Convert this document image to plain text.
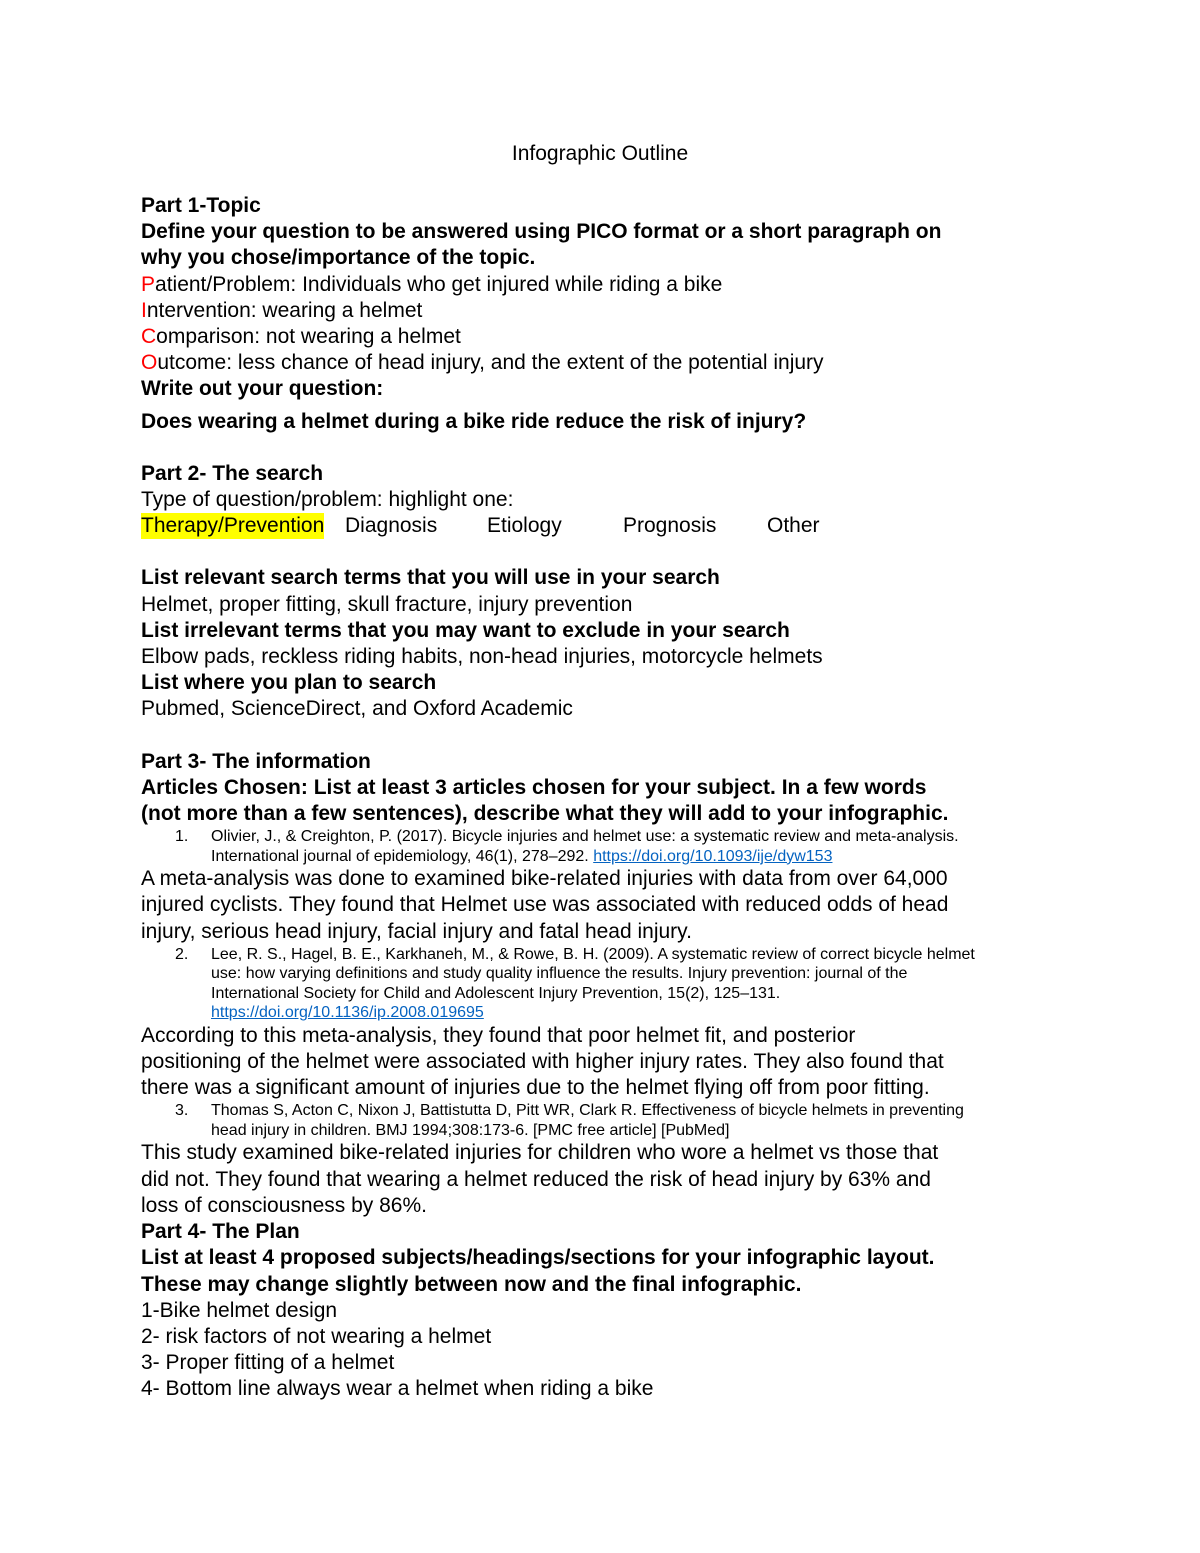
Infographic Outline
Part 1-Topic
Define your question to be answered using PICO format or a short paragraph on
why you chose/importance of the topic.
Patient/Problem: Individuals who get injured while riding a bike
Intervention: wearing a helmet
Comparison: not wearing a helmet
Outcome: less chance of head injury, and the extent of the potential injury
Write out your question:
Does wearing a helmet during a bike ride reduce the risk of injury?
Part 2- The search
Type of question/problem: highlight one:
Therapy/Prevention Diagnosis Etiology	Prognosis Other
List relevant search terms that you will use in your search
Helmet, proper fitting, skull fracture, injury prevention
List irrelevant terms that you may want to exclude in your search
Elbow pads, reckless riding habits, non-head injuries, motorcycle helmets
List where you plan to search
Pubmed, ScienceDirect, and Oxford Academic
Part 3- The information
Articles Chosen: List at least 3 articles chosen for your subject. In a few words
(not more than a few sentences), describe what they will add to your infographic.
1. Olivier, J., & Creighton, P. (2017). Bicycle injuries and helmet use: a systematic review and meta-analysis.
International journal of epidemiology, 46(1), 278–292. https://doi.org/10.1093/ije/dyw153
A meta-analysis was done to examined bike-related injuries with data from over 64,000
injured cyclists. They found that Helmet use was associated with reduced odds of head
injury, serious head injury, facial injury and fatal head injury.
2. Lee, R. S., Hagel, B. E., Karkhaneh, M., & Rowe, B. H. (2009). A systematic review of correct bicycle helmet
use: how varying definitions and study quality influence the results. Injury prevention: journal of the
International Society for Child and Adolescent Injury Prevention, 15(2), 125–131.
https://doi.org/10.1136/ip.2008.019695
According to this meta-analysis, they found that poor helmet fit, and posterior
positioning of the helmet were associated with higher injury rates. They also found that
there was a significant amount of injuries due to the helmet flying off from poor fitting.
3. Thomas S, Acton C, Nixon J, Battistutta D, Pitt WR, Clark R. Effectiveness of bicycle helmets in preventing
head injury in children. BMJ 1994;308:173-6. [PMC free article] [PubMed]
This study examined bike-related injuries for children who wore a helmet vs those that
did not. They found that wearing a helmet reduced the risk of head injury by 63% and
loss of consciousness by 86%.
Part 4- The Plan
List at least 4 proposed subjects/headings/sections for your infographic layout.
These may change slightly between now and the final infographic.
1-Bike helmet design
2- risk factors of not wearing a helmet
3- Proper fitting of a helmet
4- Bottom line always wear a helmet when riding a bike
